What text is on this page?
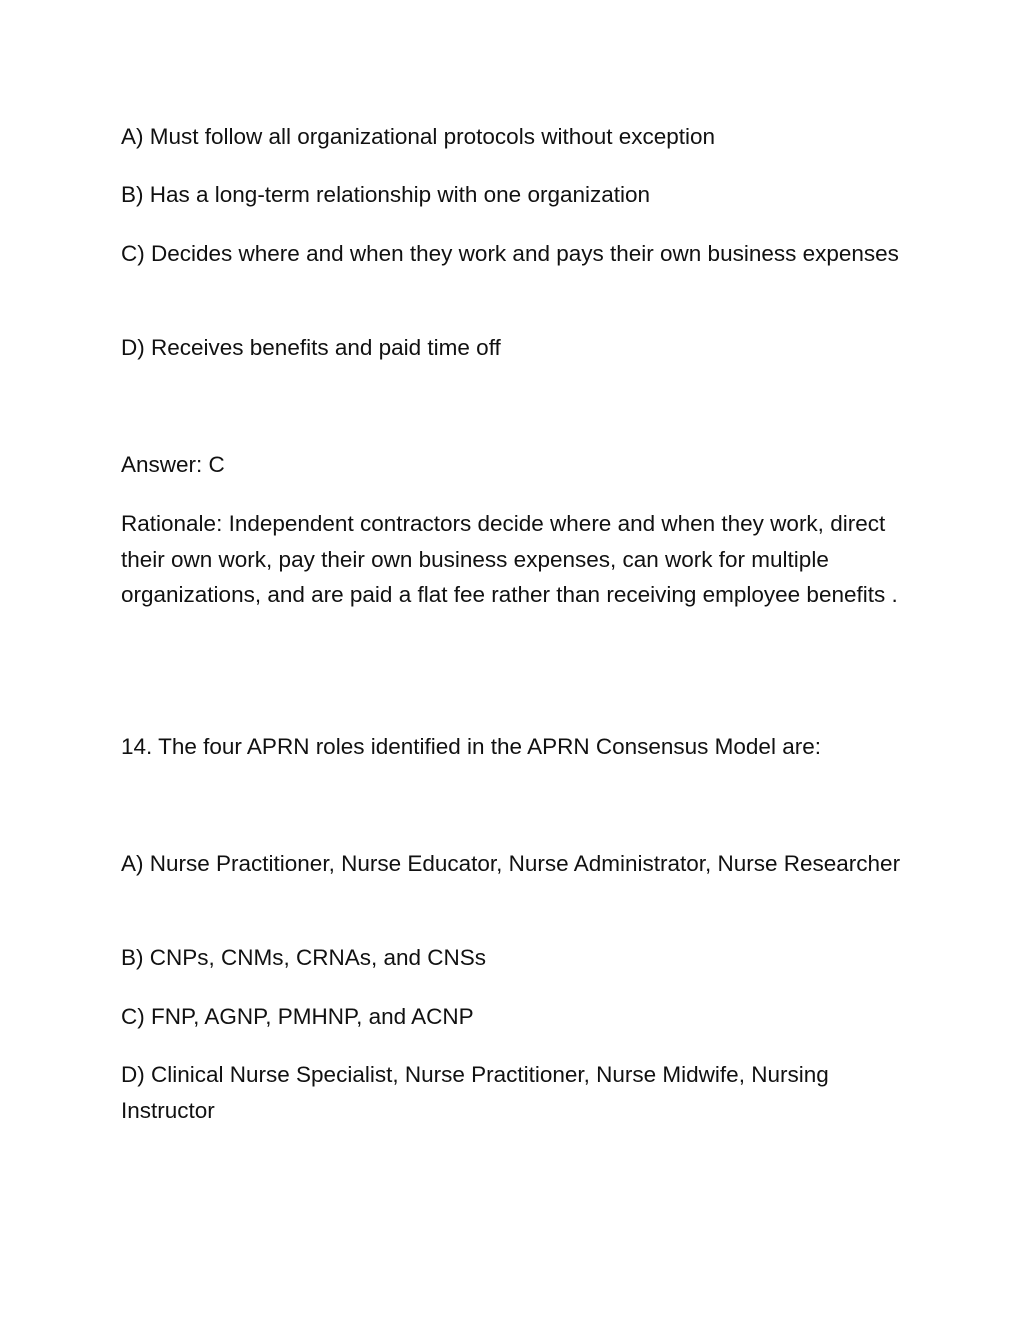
A) Must follow all organizational protocols without exception

B) Has a long-term relationship with one organization

C) Decides where and when they work and pays their own business expenses

D) Receives benefits and paid time off

Answer: C

Rationale: Independent contractors decide where and when they work, direct their own work, pay their own business expenses, can work for multiple organizations, and are paid a flat fee rather than receiving employee benefits .

14. The four APRN roles identified in the APRN Consensus Model are:

A) Nurse Practitioner, Nurse Educator, Nurse Administrator, Nurse Researcher

B) CNPs, CNMs, CRNAs, and CNSs

C) FNP, AGNP, PMHNP, and ACNP

D) Clinical Nurse Specialist, Nurse Practitioner, Nurse Midwife, Nursing Instructor
